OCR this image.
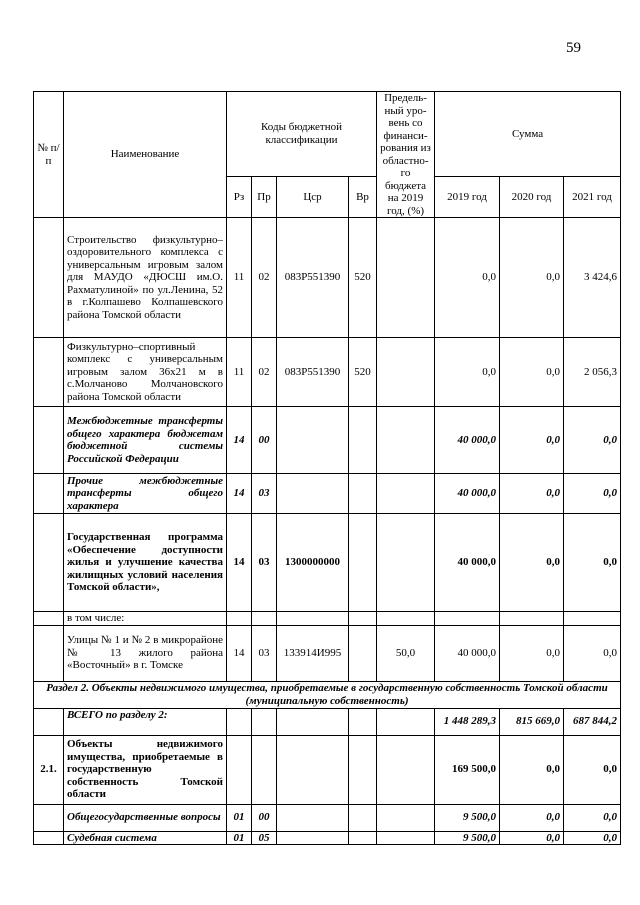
59
№ п/п	Наименование	Коды бюджетной классификации				Предель-ный уро-вень со финанси-рования из областно-го бюджета на 2019 год, (%)	Сумма		
		Рз	Пр	Цср	Вр		2019 год	2020 год	2021 год
	Строительство физкультурно–оздоровительного комплекса с универсальным игровым залом для МАУДО «ДЮСШ им.О. Рахматулиной» по ул.Ленина, 52 в г.Колпашево Колпашевского района Томской области	11	02	083P551390	520		0,0	0,0	3 424,6
	Физкультурно–спортивный комплекс с универсальным игровым залом 36х21 м в с.Молчаново Молчановского района Томской области	11	02	083P551390	520		0,0	0,0	2 056,3
	Межбюджетные трансферты общего характера бюджетам бюджетной системы Российской Федерации	14	00				40 000,0	0,0	0,0
	Прочие межбюджетные трансферты общего характера	14	03				40 000,0	0,0	0,0
	Государственная программа «Обеспечение доступности жилья и улучшение качества жилищных условий населения Томской области»,	14	03	1300000000			40 000,0	0,0	0,0
	в том числе:								
	Улицы № 1 и № 2 в микрорайоне № 13 жилого района «Восточный» в г. Томске	14	03	133914И995		50,0	40 000,0	0,0	0,0
Раздел 2. Объекты недвижимого имущества, приобретаемые в государственную собственность Томской области (муниципальную собственность)									
	ВСЕГО по разделу 2:						1 448 289,3	815 669,0	687 844,2
2.1.	Объекты недвижимого имущества, приобретаемые в государственную собственность Томской области						169 500,0	0,0	0,0
	Общегосударственные вопросы	01	00				9 500,0	0,0	0,0
	Судебная система	01	05				9 500,0	0,0	0,0
